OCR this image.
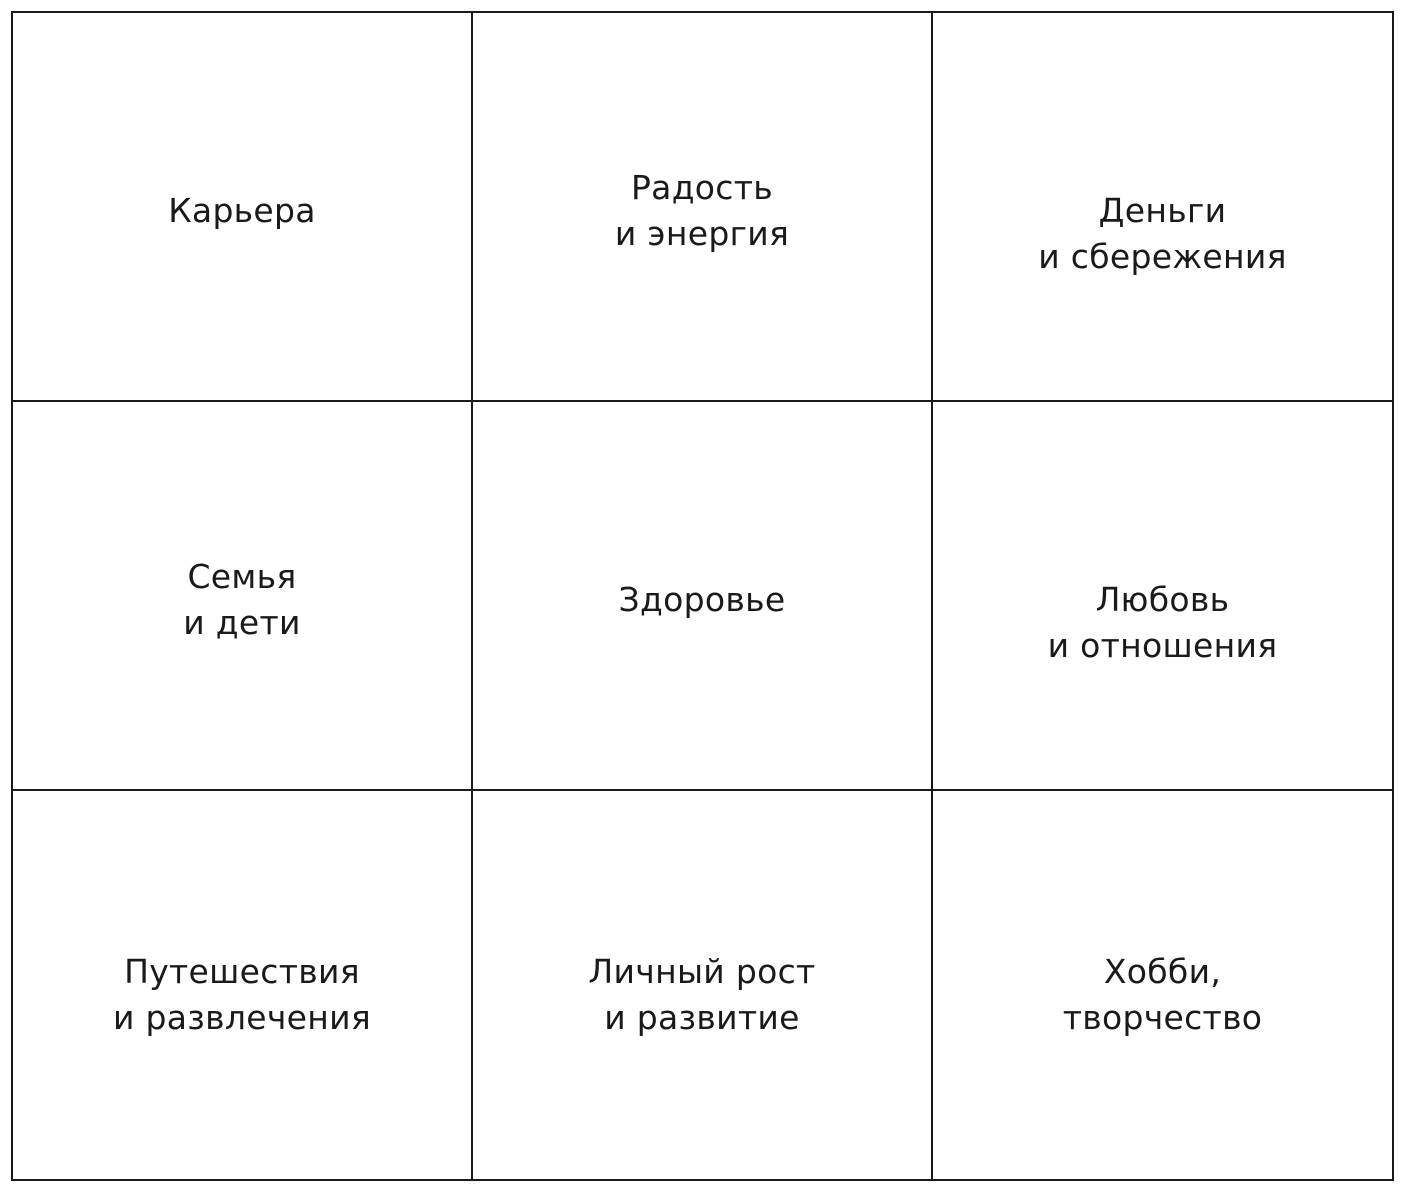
Карьера
Радость
и энергия
Деньги
и сбережения
Семья
и дети
Здоровье	Любовь
и отношения
Путешествия
и развлечения
Личный рост
и развитие
Хобби,
творчество
